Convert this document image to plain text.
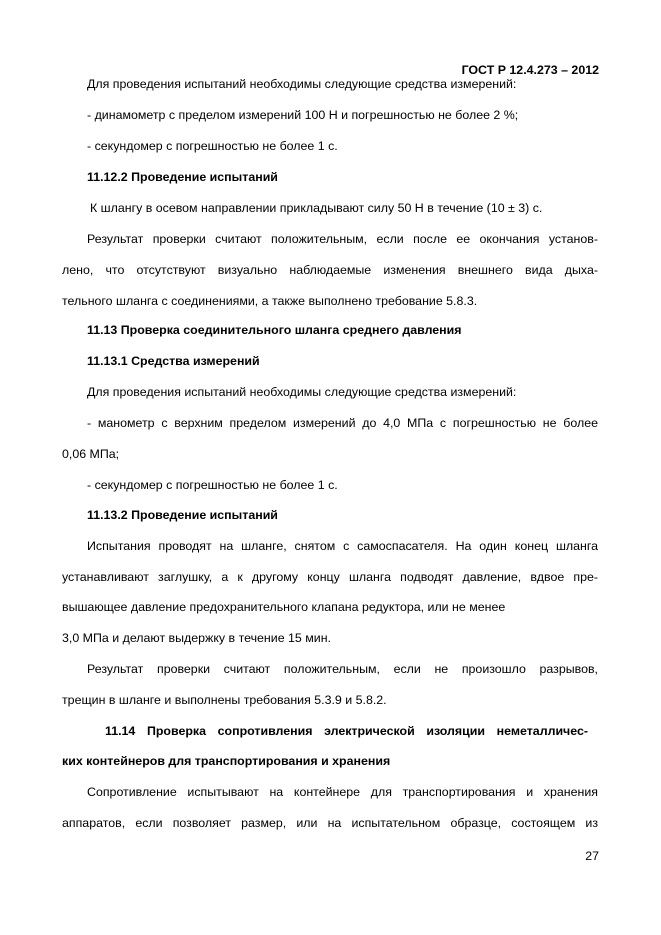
ГОСТ Р 12.4.273 – 2012
Для проведения испытаний необходимы следующие средства измерений:
- динамометр с пределом измерений 100 Н и погрешностью не более 2 %;
- секундомер с погрешностью не более 1 с.
11.12.2 Проведение испытаний
К шлангу в осевом направлении прикладывают силу 50 Н в течение (10 ± 3) с.
Результат проверки считают положительным, если после ее окончания установ-
лено, что отсутствуют визуально наблюдаемые изменения внешнего вида дыха-
тельного шланга с соединениями, а также выполнено требование 5.8.3.
11.13 Проверка соединительного шланга среднего давления
11.13.1 Средства измерений
Для проведения испытаний необходимы следующие средства измерений:
- манометр с верхним пределом измерений до 4,0 МПа с погрешностью не более
0,06 МПа;
- секундомер с погрешностью не более 1 с.
11.13.2 Проведение испытаний
Испытания проводят на шланге, снятом с самоспасателя. На один конец шланга
устанавливают заглушку, а к другому концу шланга подводят давление, вдвое пре-
вышающее давление предохранительного клапана редуктора, или не менее
3,0 МПа и делают выдержку в течение 15 мин.
Результат проверки считают положительным, если не произошло разрывов,
трещин в шланге и выполнены требования 5.3.9 и 5.8.2.
11.14 Проверка сопротивления электрической изоляции неметалличес-
ких контейнеров для транспортирования и хранения
Сопротивление испытывают на контейнере для транспортирования и хранения
аппаратов, если позволяет размер, или на испытательном образце, состоящем из
27
